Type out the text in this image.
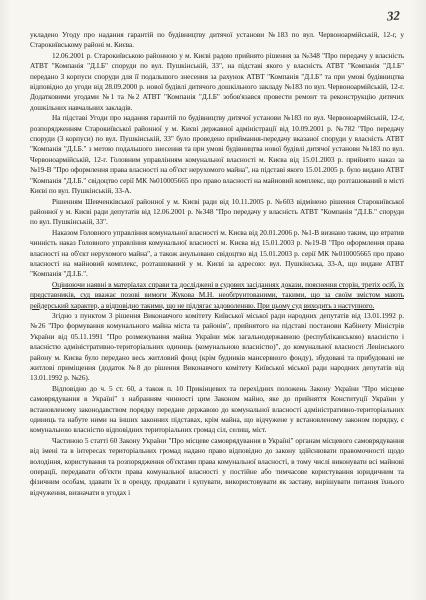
32

укладено Угоду про надання гарантій по будівництву дитячої установи №183 по вул. Червоноармійській, 12-г, у Старокиївському районі м. Києва.

12.06.2001 р. Старокиївською районною у м. Києві радою прийнято рішення за №348 "Про передачу у власність АТВТ "Компанія "Д.І.Б" споруди по вул. Пушкінській, 33", на підставі якого у власність АТВТ "Компанія "Д.І.Б" передано 3 корпуси споруди для її подальшого знесення за рахунок АТВТ "Компанія "Д.І.Б" та при умові будівництва відповідно до угоди від 28.09.2000 р. нової будівлі дитячого дошкільного закладу №183 по вул. Червоноармійській, 12-г. Додатковими угодами №1 та №2 АТВТ "Компанія "Д.І.Б" зобов'язався провести ремонт та реконструкцію дитячих дошкільних навчальних закладів.

На підставі Угоди про надання гарантій по будівництву дитячої установи №183 по вул. Червоноармійській, 12-г, розпорядженням Старокиївської районної у м. Києві державної адміністрації від 10.09.2001 р. №782 "Про передачу споруди (3 корпуси) по вул. Пушкінській, 33" було проведено приймання-передачу вказаної споруди у власність АТВТ "Компанія "Д.І.Б." з метою подальшого знесення та при умові будівництва нової будівлі дитячої установи №183 по вул. Червоноармійській, 12-г. Головним управлінням комунальної власності м. Києва від 15.01.2003 р. прийнято наказ за №19-В "Про оформлення права власності на об'єкт нерухомого майна", на підставі якого 15.01.2005 р. було видано АТВТ "Компанія "Д.І.Б." свідоцтво серії МК №010005665 про право власності на майновий комплекс, що розташований в місті Києві по вул. Пушкінській, 33-А.

Рішенням Шевченківської районної у м. Києві ради від 10.11.2005 р. №603 відмінено рішення Старокиївської районної у м. Києві ради депутатів від 12.06.2001 р. №348 "Про передачу у власність АТВТ "Компанія "Д.І.Б." споруди по вул. Пушкінській, 33".

Наказом Головного управління комунальної власності м. Києва від 20.01.2006 р. №1-В визнано таким, що втратив чинність наказ Головного управління комунальної власності м. Києва від 15.01.2003 р. №19-В "Про оформлення права власності на об'єкт нерухомого майна", а також анульовано свідоцтво від 15.01.2003 р. серії МК №010005665 про право власності на майновий комплекс, розташований у м. Києві за адресою: вул. Пушкінська, 33-А, що видане АТВТ "Компанія "Д.І.Б.".

Оцінюючи наявні в матеріалах справи та досліджені в судових засіданнях докази, пояснення сторін, третіх осіб, їх представників, суд вважає позові вимоги Жукова М.Н. необґрунтованими, такими, що за своїм змістом мають рейдерський характер, а відповідно такими, що не підлягає задоволенню. При цьому суд виходить з наступного.

Згідно з пунктом 3 рішення Виконавчого комітету Київської міської ради народних депутатів від 13.01.1992 р. №26 "Про формування комунального майна міста та районів", прийнятого на підставі постанови Кабінету Міністрів України від 05.11.1991 "Про розмежування майна України між загальнодержавною (республіканською) власністю і власністю адміністративно-територіальних одиниць (комунальною власністю)", до комунальної власності Ленінського району м. Києва було передано весь житловий фонд (крім будинків мансервного фонду), збудовані та прибудовані не житлові приміщення (додаток №8 до рішення Виконавчого комітету Київської міської ради народних депутатів від 13.01.1992 р. №26).

Відповідно до ч. 5 ст. 60, а також п. 10 Прикінцевих та перехідних положень Закону України "Про місцеве самоврядування в Україні" з набранням чинності цим Законом майно, яке до прийняття Конституції України у встановленому законодавством порядку передане державою до комунальної власності адміністративно-територіальних одиниць та набуте ними на інших законних підставах, крім майна, що відчужене у встановленому законом порядку, є комунальною власністю відповідних територіальних громад сіл, селищ, міст.

Частиною 5 статті 60 Закону України "Про місцеве самоврядування в Україні" органам місцевого самоврядування від імені та в інтересах територіальних громад надано право відповідно до закону здійснювати правомочності щодо володіння, користування та розпорядження об'єктами права комунальної власності, в тому числі виконувати всі майнові операції, передавати об'єкти права комунальної власності у постійне або тимчасове користування юридичним та фізичним особам, здавати їх в оренду, продавати і купувати, використовувати як заставу, вирішувати питання їхнього відчуження, визначати в угодах і
